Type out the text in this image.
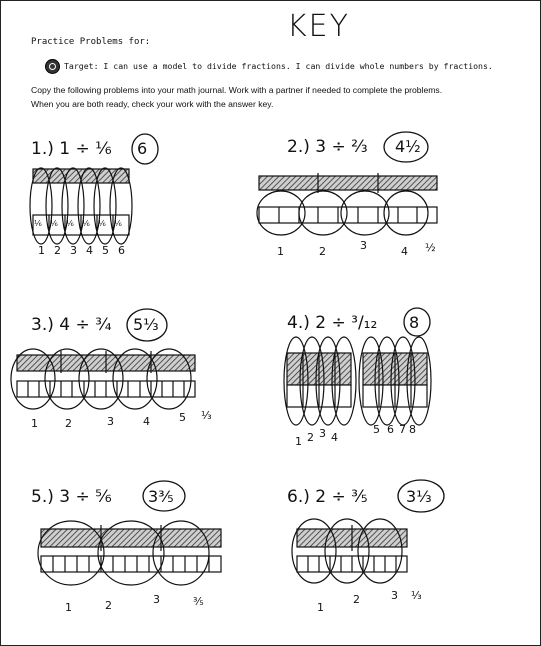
KEY
Practice Problems for:
Target: I can use a model to divide fractions. I can divide whole numbers by fractions.
Copy the following problems into your math journal. Work with a partner if needed to complete the problems.
When you are both ready, check your work with the answer key.
1.) 1 ÷ ⅙	2.) 3 ÷ ⅔
3.) 4 ÷ ¾	4.) 2 ÷ ³/₁₂
5.) 3 ÷ ⅚	6.) 2 ÷ ⅗
6	4½
5⅓	8
3⅗	3⅓
⅙ ⅙ ⅙ ⅙ ⅙ ⅙
1 2 3 4 5 6	1	2	3	4 ½
1 2	3	4	5 ⅓
1 2 3 4
5 6 7 8
1	2	3	⅗	1
2	3 ⅓
